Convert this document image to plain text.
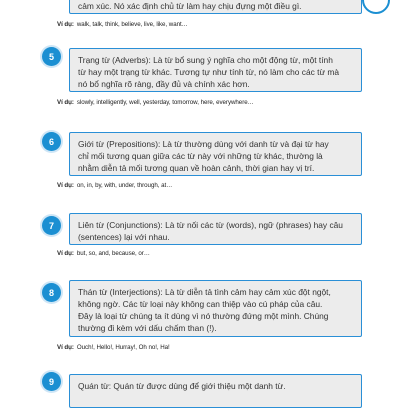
cảm xúc. Nó xác định chủ từ làm hay chịu đựng một điều gì.

Ví dụ: walk, talk, think, believe, live, like, want…
5	Trạng từ (Adverbs): Là từ bổ sung ý nghĩa cho một động từ, một tính

từ hay một trạng từ khác. Tương tự như tính từ, nó làm cho các từ mà

nó bổ nghĩa rõ ràng, đầy đủ và chính xác hơn.

Ví dụ: slowly, intelligently, well, yesterday, tomorrow, here, everywhere…
6	Giới từ (Prepositions): Là từ thường dùng với danh từ và đại từ hay

chỉ mối tương quan giữa các từ này với những từ khác, thường là

nhằm diễn tả mối tương quan về hoàn cảnh, thời gian hay vị trí.

Ví dụ: on, in, by, with, under, through, at…
7	Liên từ (Conjunctions): Là từ nối các từ (words), ngữ (phrases) hay câu

(sentences) lại với nhau.

Ví dụ: but, so, and, because, or…
8	Thán từ (Interjections): Là từ diễn tả tình cảm hay cảm xúc đột ngột,

không ngờ. Các từ loại này không can thiệp vào cú pháp của câu.

Đây là loại từ chúng ta ít dùng vì nó thường đứng một mình. Chúng

thường đi kèm với dấu chấm than (!).

Ví dụ: Ouch!, Hello!, Hurray!, Oh no!, Ha!
9	Quán từ: Quán từ được dùng để giới thiệu một danh từ.
